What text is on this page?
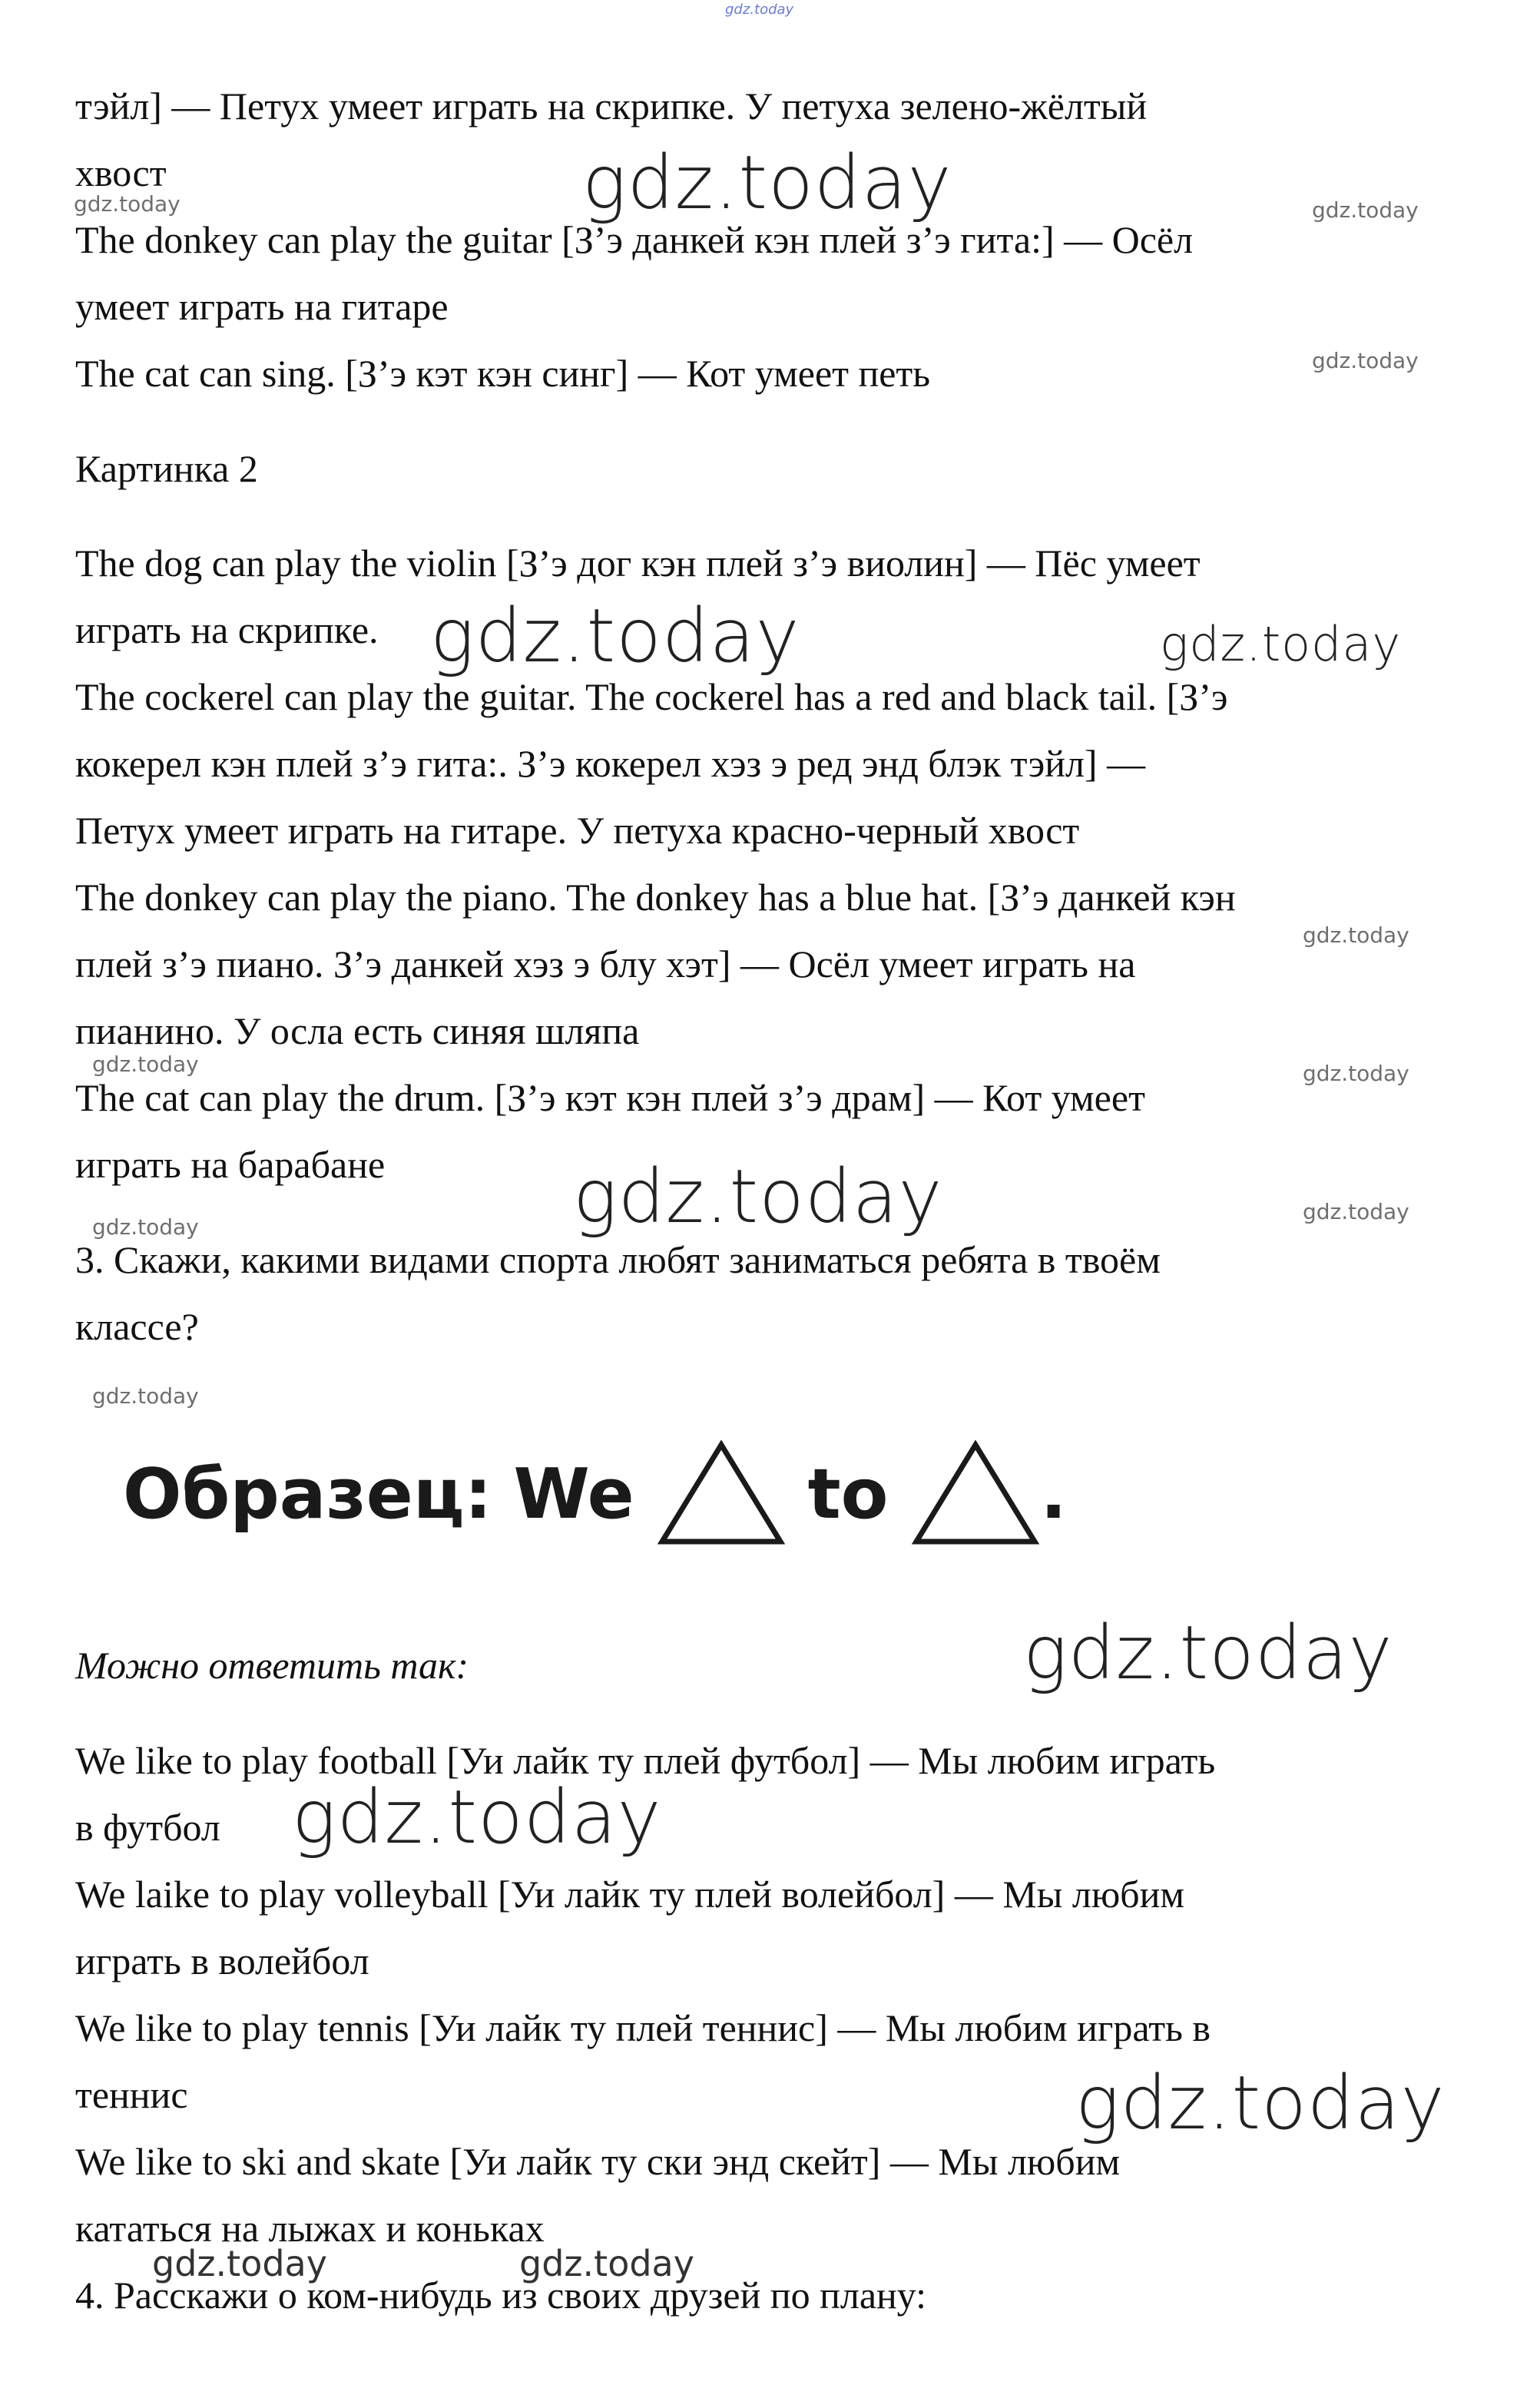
gdz.today

тэйл] — Петух умеет играть на скрипке. У петуха зелено-жёлтый

хвост

The donkey can play the guitar [З’э данкей кэн плей з’э гита:] — Осёл

умеет играть на гитаре

The cat can sing. [З’э кэт кэн синг] — Кот умеет петь

Картинка 2

The dog can play the violin [З’э дог кэн плей з’э виолин] — Пёс умеет

играть на скрипке.

The cockerel can play the guitar. The cockerel has a red and black tail. [З’э

кокерел кэн плей з’э гита:. З’э кокерел хэз э ред энд блэк тэйл] —

Петух умеет играть на гитаре. У петуха красно-черный хвост

The donkey can play the piano. The donkey has a blue hat. [З’э данкей кэн

плей з’э пиано. З’э данкей хэз э блу хэт] — Осёл умеет играть на

пианино. У осла есть синяя шляпа

The cat can play the drum. [З’э кэт кэн плей з’э драм] — Кот умеет

играть на барабане

3. Скажи, какими видами спорта любят заниматься ребята в твоём

классе?

Образец: We	to .

Можно ответить так:

We like to play football [Уи лайк ту плей футбол] — Мы любим играть

в футбол

We laike to play volleyball [Уи лайк ту плей волейбол] — Мы любим

играть в волейбол

We like to play tennis [Уи лайк ту плей теннис] — Мы любим играть в

теннис

We like to ski and skate [Уи лайк ту ски энд скейт] — Мы любим

кататься на лыжах и коньках

4. Расскажи о ком-нибудь из своих друзей по плану:

gdz.today
gdz.today
gdz.today
gdz.today
gdz.today
gdz.today
gdz.today
gdz.today	gdz.today
gdz.today
gdz.today
gdz.today	gdz.today
gdz.today
gdz.today
gdz.today
gdz.today	gdz.today
